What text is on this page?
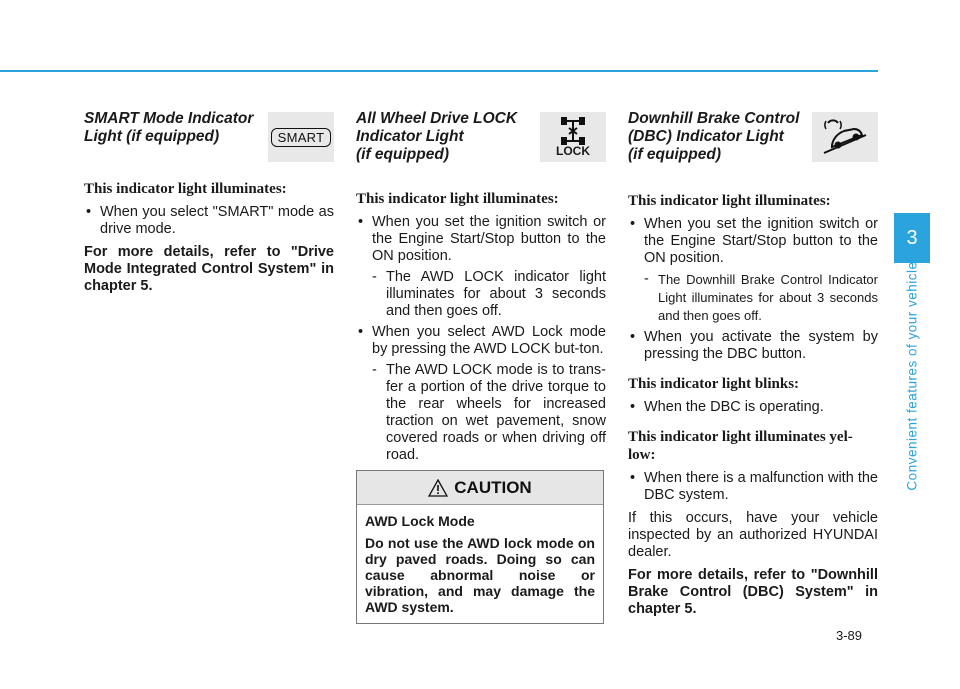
SMART Mode Indicator
Light (if equipped)	SMART

This indicator light illuminates:

• When you select "SMART" mode as drive mode.

For more details, refer to "Drive Mode Integrated Control System" in chapter 5.

All Wheel Drive LOCK
Indicator Light
(if equipped)	LOCK

This indicator light illuminates:

• When you set the ignition switch or the Engine Start/Stop button to the ON position.
- The AWD LOCK indicator light illuminates for about 3 seconds and then goes off.
• When you select AWD Lock mode by pressing the AWD LOCK but-ton.
- The AWD LOCK mode is to trans-fer a portion of the drive torque to the rear wheels for increased traction on wet pavement, snow covered roads or when driving off road.
CAUTION

AWD Lock Mode

Do not use the AWD lock mode on dry paved roads. Doing so can cause abnormal noise or vibration, and may damage the AWD system.

Downhill Brake Control
(DBC) Indicator Light
(if equipped)

This indicator light illuminates:

• When you set the ignition switch or the Engine Start/Stop button to the ON position.
- The Downhill Brake Control Indicator Light illuminates for about 3 seconds and then goes off.
• When you activate the system by pressing the DBC button.

This indicator light blinks:

• When the DBC is operating.

This indicator light illuminates yel-low:

• When there is a malfunction with the DBC system.

If this occurs, have your vehicle inspected by an authorized HYUNDAI dealer.

For more details, refer to "Downhill Brake Control (DBC) System" in chapter 5.

3
Convenient features of your vehicle
3-89
